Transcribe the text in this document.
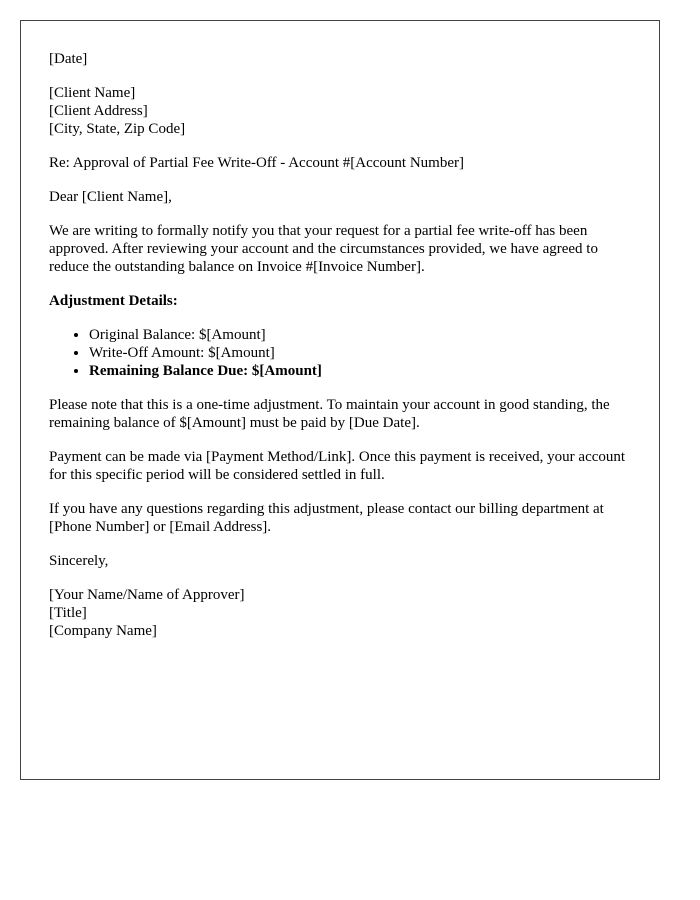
[Date]
[Client Name]
[Client Address]
[City, State, Zip Code]

Re: Approval of Partial Fee Write-Off - Account #[Account Number]

Dear [Client Name],

We are writing to formally notify you that your request for a partial fee write-off has been approved. After reviewing your account and the circumstances provided, we have agreed to reduce the outstanding balance on Invoice #[Invoice Number].

Adjustment Details:

• Original Balance: $[Amount]
• Write-Off Amount: $[Amount]
• Remaining Balance Due: $[Amount]

Please note that this is a one-time adjustment. To maintain your account in good standing, the remaining balance of $[Amount] must be paid by [Due Date].

Payment can be made via [Payment Method/Link]. Once this payment is received, your account for this specific period will be considered settled in full.

If you have any questions regarding this adjustment, please contact our billing department at [Phone Number] or [Email Address].

Sincerely,

[Your Name/Name of Approver]
[Title]
[Company Name]
